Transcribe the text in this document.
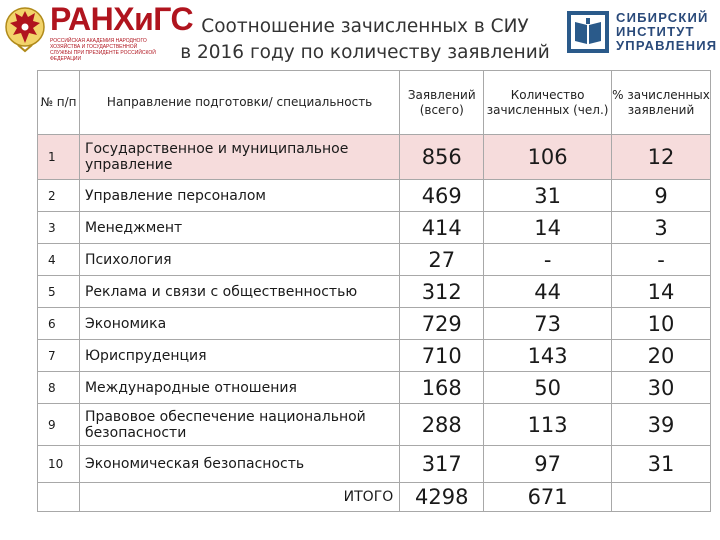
РАНХиГС
РОССИЙСКАЯ АКАДЕМИЯ НАРОДНОГО ХОЗЯЙСТВА И ГОСУДАРСТВЕННОЙ СЛУЖБЫ ПРИ ПРЕЗИДЕНТЕ РОССИЙСКОЙ ФЕДЕРАЦИИ
Соотношение зачисленных в СИУ
в 2016 году по количеству заявлений
СИБИРСКИЙ
ИНСТИТУТ
УПРАВЛЕНИЯ
№ п/п	Направление подготовки/ специальность	Заявлений (всего)	Количество зачисленных (чел.)	% зачисленных заявлений
1	Государственное и муниципальное управление	856	106	12
2	Управление персоналом	469	31	9
3	Менеджмент	414	14	3
4	Психология	27	-	-
5	Реклама и связи с общественностью	312	44	14
6	Экономика	729	73	10
7	Юриспруденция	710	143	20
8	Международные отношения	168	50	30
9	Правовое обеспечение национальной безопасности	288	113	39
10	Экономическая безопасность	317	97	31
	ИТОГО	4298	671	
